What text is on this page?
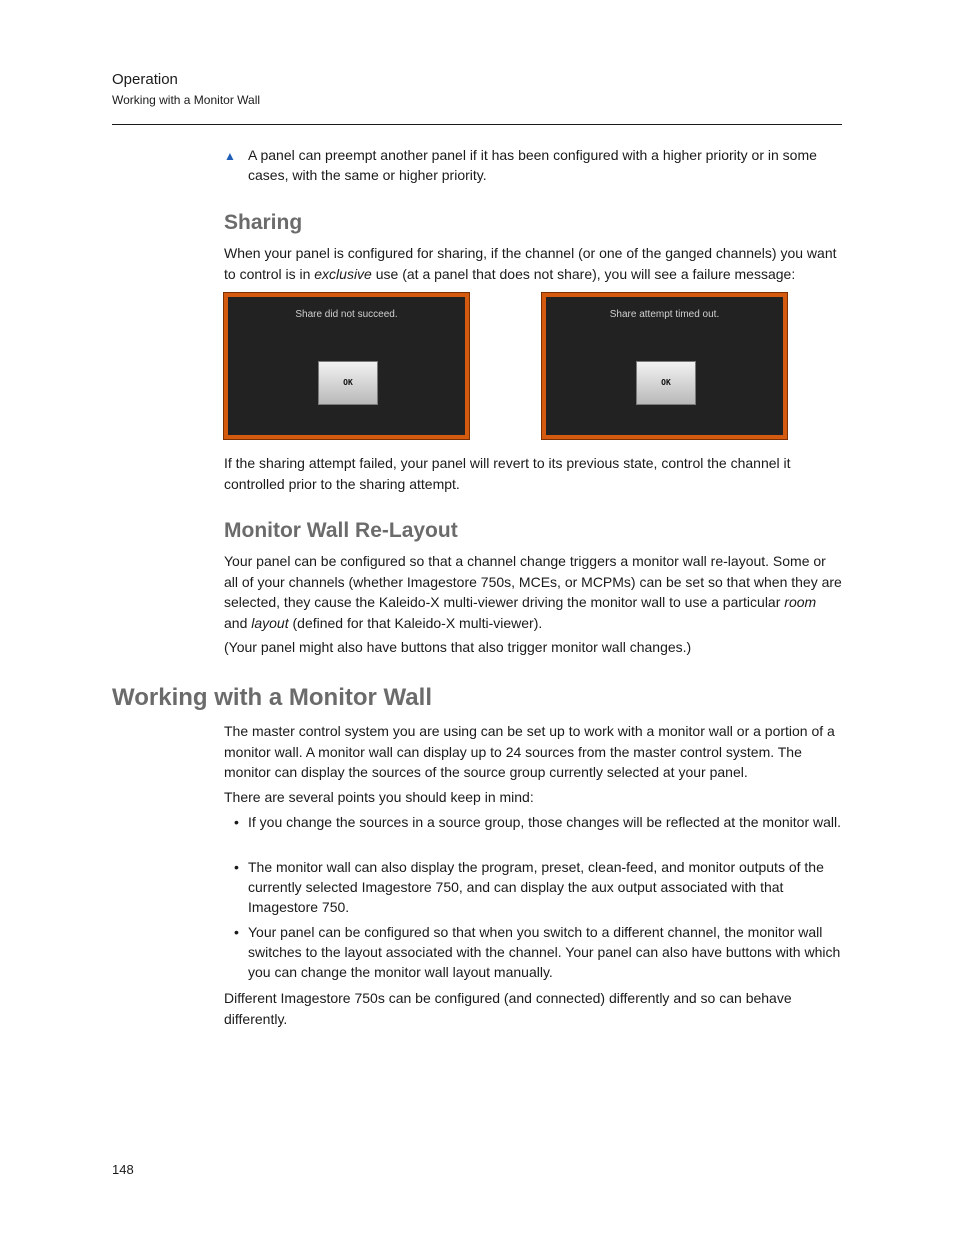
Operation
Working with a Monitor Wall
▲ A panel can preempt another panel if it has been configured with a higher priority or in some cases, with the same or higher priority.
Sharing
When your panel is configured for sharing, if the channel (or one of the ganged channels) you want to control is in exclusive use (at a panel that does not share), you will see a failure message:
Share did not succeed.
OK
Share attempt timed out.
OK
If the sharing attempt failed, your panel will revert to its previous state, control the channel it controlled prior to the sharing attempt.
Monitor Wall Re-Layout
Your panel can be configured so that a channel change triggers a monitor wall re-layout. Some or all of your channels (whether Imagestore 750s, MCEs, or MCPMs) can be set so that when they are selected, they cause the Kaleido-X multi-viewer driving the monitor wall to use a particular room and layout (defined for that Kaleido-X multi-viewer).
(Your panel might also have buttons that also trigger monitor wall changes.)
Working with a Monitor Wall
The master control system you are using can be set up to work with a monitor wall or a portion of a monitor wall. A monitor wall can display up to 24 sources from the master control system. The monitor can display the sources of the source group currently selected at your panel.
There are several points you should keep in mind:
• If you change the sources in a source group, those changes will be reflected at the monitor wall.
• The monitor wall can also display the program, preset, clean-feed, and monitor outputs of the currently selected Imagestore 750, and can display the aux output associated with that Imagestore 750.
• Your panel can be configured so that when you switch to a different channel, the monitor wall switches to the layout associated with the channel. Your panel can also have buttons with which you can change the monitor wall layout manually.
Different Imagestore 750s can be configured (and connected) differently and so can behave differently.
148
